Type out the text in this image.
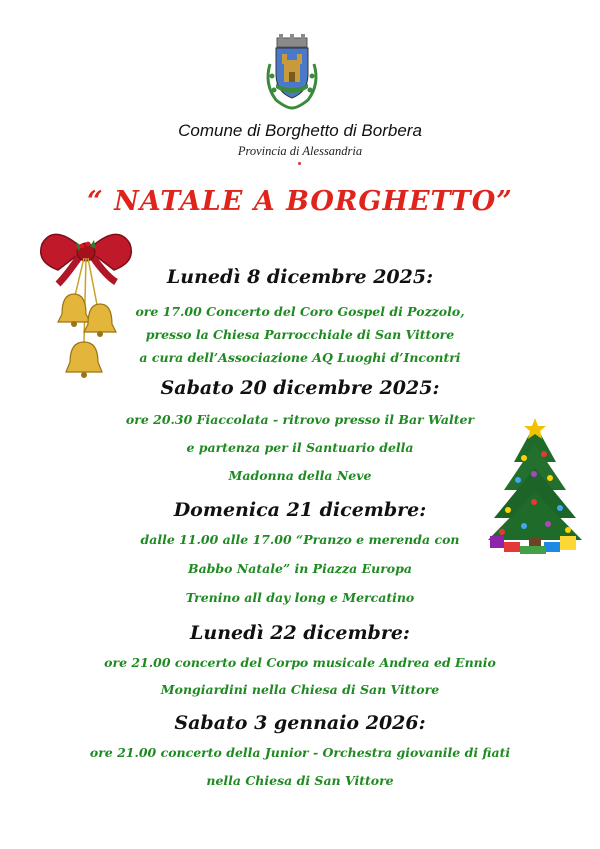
Comune di Borghetto di Borbera
Provincia di Alessandria
“ NATALE A BORGHETTO”
Lunedì 8 dicembre 2025:
ore 17.00 Concerto del Coro Gospel di Pozzolo,
presso la Chiesa Parrocchiale di San Vittore
a cura dell’Associazione AQ Luoghi d’Incontri
Sabato 20 dicembre 2025:
ore 20.30 Fiaccolata - ritrovo presso il Bar Walter
e partenza per il Santuario della
Madonna della Neve
Domenica 21 dicembre:
dalle 11.00 alle 17.00 “Pranzo e merenda con
Babbo Natale” in Piazza Europa
Trenino all day long e Mercatino
Lunedì 22 dicembre:
ore 21.00 concerto del Corpo musicale Andrea ed Ennio
Mongiardini nella Chiesa di San Vittore
Sabato 3 gennaio 2026:
ore 21.00 concerto della Junior - Orchestra giovanile di fiati
nella Chiesa di San Vittore
